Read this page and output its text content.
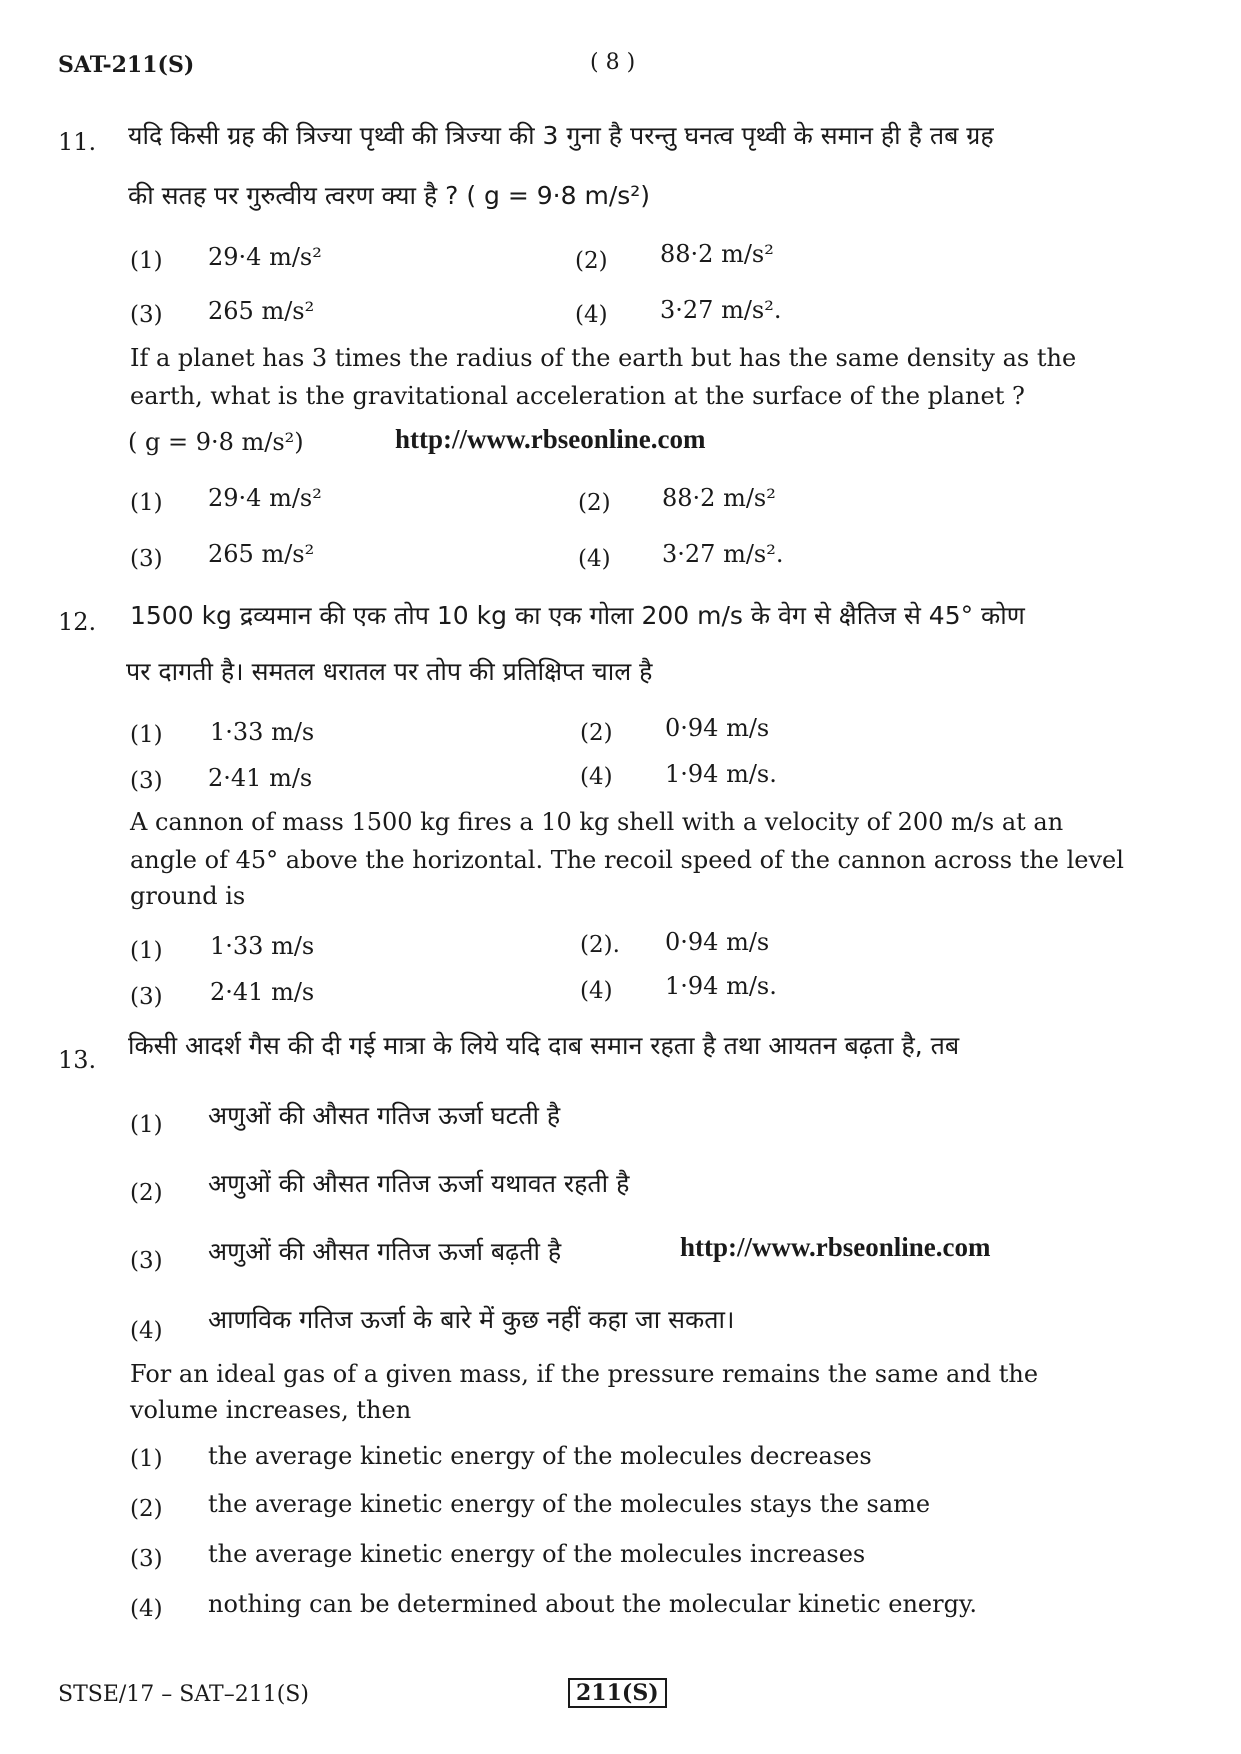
SAT-211(S)	( 8 )
11. यदि किसी ग्रह की त्रिज्या पृथ्वी की त्रिज्या की 3 गुना है परन्तु घनत्व पृथ्वी के समान ही है तब ग्रह
की सतह पर गुरुत्वीय त्वरण क्या है ? ( g = 9·8 m/s²)
(1) 29·4 m/s²	(2) 88·2 m/s²
(3) 265 m/s²	(4) 3·27 m/s².
If a planet has 3 times the radius of the earth but has the same density as the
earth, what is the gravitational acceleration at the surface of the planet ?
( g = 9·8 m/s²)	http://www.rbseonline.com
(1) 29·4 m/s²	(2) 88·2 m/s²
(3) 265 m/s²	(4) 3·27 m/s².
12. 1500 kg द्रव्यमान की एक तोप 10 kg का एक गोला 200 m/s के वेग से क्षैतिज से 45° कोण
पर दागती है। समतल धरातल पर तोप की प्रतिक्षिप्त चाल है
(1) 1·33 m/s	(2) 0·94 m/s
(3) 2·41 m/s	(4) 1·94 m/s.
A cannon of mass 1500 kg fires a 10 kg shell with a velocity of 200 m/s at an
angle of 45° above the horizontal. The recoil speed of the cannon across the level
ground is
(1) 1·33 m/s	(2). 0·94 m/s
(3) 2·41 m/s	(4) 1·94 m/s.
13. किसी आदर्श गैस की दी गई मात्रा के लिये यदि दाब समान रहता है तथा आयतन बढ़ता है, तब
(1) अणुओं की औसत गतिज ऊर्जा घटती है
(2) अणुओं की औसत गतिज ऊर्जा यथावत रहती है
(3) अणुओं की औसत गतिज ऊर्जा बढ़ती है	http://www.rbseonline.com
(4) आणविक गतिज ऊर्जा के बारे में कुछ नहीं कहा जा सकता।
For an ideal gas of a given mass, if the pressure remains the same and the
volume increases, then
(1) the average kinetic energy of the molecules decreases
(2) the average kinetic energy of the molecules stays the same
(3) the average kinetic energy of the molecules increases
(4) nothing can be determined about the molecular kinetic energy.
STSE/17 – SAT–211(S)	211(S)
